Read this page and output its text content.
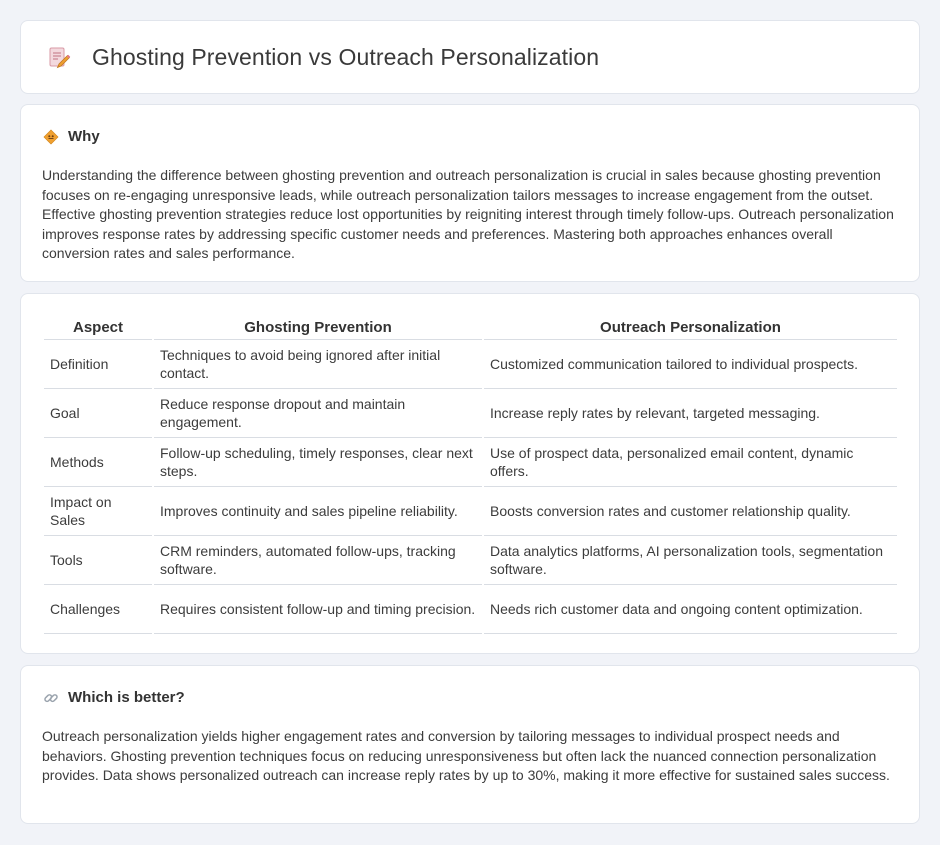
Ghosting Prevention vs Outreach Personalization
Why

Understanding the difference between ghosting prevention and outreach personalization is crucial in sales because ghosting prevention focuses on re-engaging unresponsive leads, while outreach personalization tailors messages to increase engagement from the outset. Effective ghosting prevention strategies reduce lost opportunities by reigniting interest through timely follow-ups. Outreach personalization improves response rates by addressing specific customer needs and preferences. Mastering both approaches enhances overall conversion rates and sales performance.

Aspect	Ghosting Prevention	Outreach Personalization
Definition	Techniques to avoid being ignored after initial contact.	Customized communication tailored to individual prospects.
Goal	Reduce response dropout and maintain engagement.	Increase reply rates by relevant, targeted messaging.
Methods	Follow-up scheduling, timely responses, clear next steps.	Use of prospect data, personalized email content, dynamic offers.
Impact on Sales	Improves continuity and sales pipeline reliability.	Boosts conversion rates and customer relationship quality.
Tools	CRM reminders, automated follow-ups, tracking software.	Data analytics platforms, AI personalization tools, segmentation software.
Challenges	Requires consistent follow-up and timing precision.	Needs rich customer data and ongoing content optimization.
Which is better?

Outreach personalization yields higher engagement rates and conversion by tailoring messages to individual prospect needs and behaviors. Ghosting prevention techniques focus on reducing unresponsiveness but often lack the nuanced connection personalization provides. Data shows personalized outreach can increase reply rates by up to 30%, making it more effective for sustained sales success.
